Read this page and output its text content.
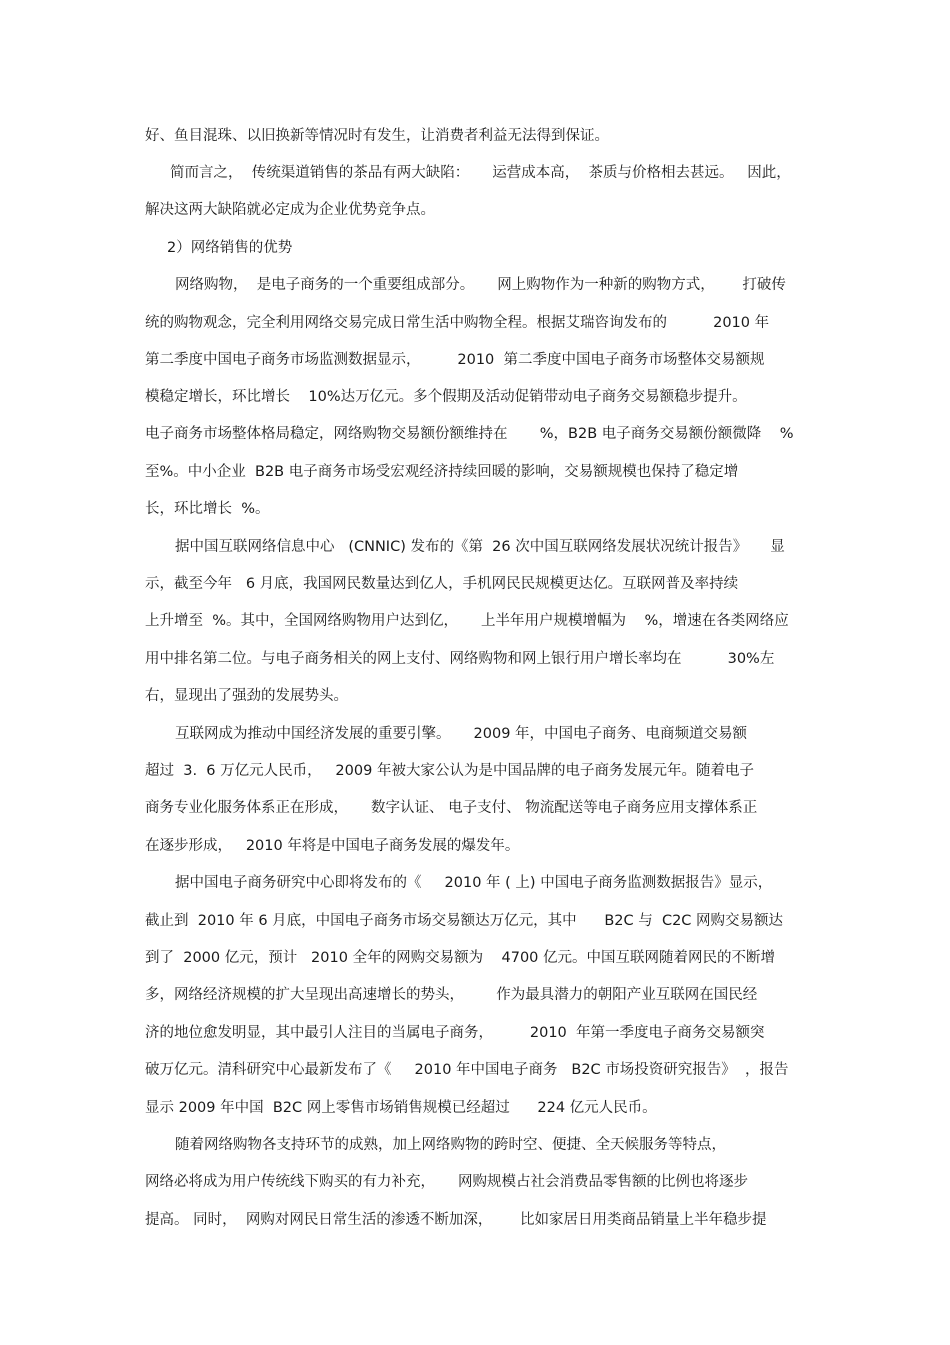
好、鱼目混珠、以旧换新等情况时有发生，让消费者利益无法得到保证。
简而言之，  传统渠道销售的茶品有两大缺陷：     运营成本高，  茶质与价格相去甚远。   因此，
解决这两大缺陷就必定成为企业优势竞争点。
2）网络销售的优势
网络购物，  是电子商务的一个重要组成部分。     网上购物作为一种新的购物方式，      打破传
统的购物观念，完全利用网络交易完成日常生活中购物全程。根据艾瑞咨询发布的          2010 年
第二季度中国电子商务市场监测数据显示，        2010  第二季度中国电子商务市场整体交易额规
模稳定增长，环比增长    10%达万亿元。多个假期及活动促销带动电子商务交易额稳步提升。
电子商务市场整体格局稳定，网络购物交易额份额维持在       %，B2B 电子商务交易额份额微降    %
至%。中小企业  B2B 电子商务市场受宏观经济持续回暖的影响，交易额规模也保持了稳定增
长，环比增长  %。
据中国互联网络信息中心   (CNNIC) 发布的《第  26 次中国互联网络发展状况统计报告》     显
示，截至今年   6 月底，我国网民数量达到亿人，手机网民民规模更达亿。互联网普及率持续
上升增至  %。其中，全国网络购物用户达到亿，     上半年用户规模增幅为    %，增速在各类网络应
用中排名第二位。与电子商务相关的网上支付、网络购物和网上银行用户增长率均在          30%左
右，显现出了强劲的发展势头。
互联网成为推动中国经济发展的重要引擎。     2009 年，中国电子商务、电商频道交易额
超过  3.  6 万亿元人民币，   2009 年被大家公认为是中国品牌的电子商务发展元年。随着电子
商务专业化服务体系正在形成，     数字认证、 电子支付、 物流配送等电子商务应用支撑体系正
在逐步形成，   2010 年将是中国电子商务发展的爆发年。
据中国电子商务研究中心即将发布的《     2010 年 ( 上) 中国电子商务监测数据报告》显示，
截止到  2010 年 6 月底，中国电子商务市场交易额达万亿元，其中      B2C 与  C2C 网购交易额达
到了  2000 亿元，预计   2010 全年的网购交易额为    4700 亿元。中国互联网随着网民的不断增
多，网络经济规模的扩大呈现出高速增长的势头，       作为最具潜力的朝阳产业互联网在国民经
济的地位愈发明显，其中最引人注目的当属电子商务，        2010  年第一季度电子商务交易额突
破万亿元。清科研究中心最新发布了《     2010 年中国电子商务   B2C 市场投资研究报告》  ，报告
显示 2009 年中国  B2C 网上零售市场销售规模已经超过      224 亿元人民币。
随着网络购物各支持环节的成熟，加上网络购物的跨时空、便捷、全天候服务等特点，
网络必将成为用户传统线下购买的有力补充，     网购规模占社会消费品零售额的比例也将逐步
提高。 同时，  网购对网民日常生活的渗透不断加深，      比如家居日用类商品销量上半年稳步提
